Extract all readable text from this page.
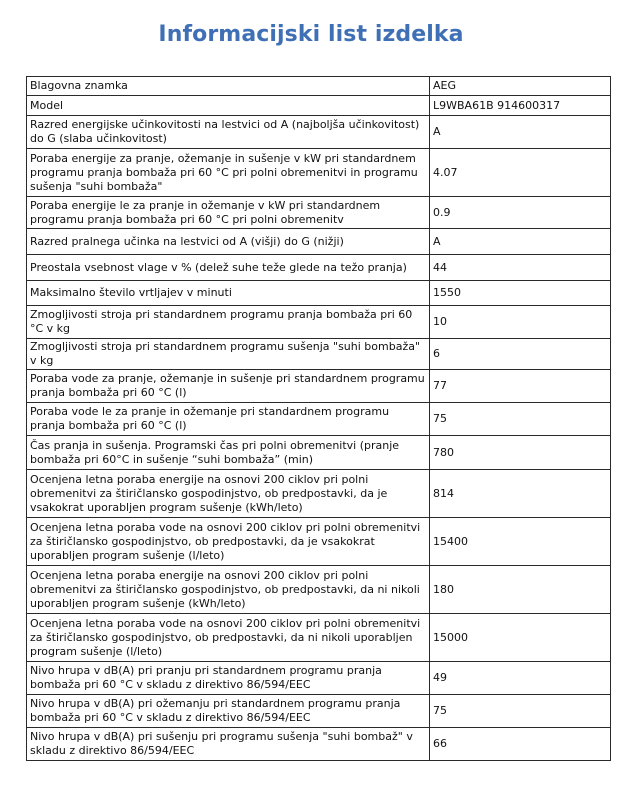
Informacijski list izdelka
Blagovna znamka	AEG
Model	L9WBA61B 914600317
Razred energijske učinkovitosti na lestvici od A (najboljša učinkovitost) do G (slaba učinkovitost)	A
Poraba energije za pranje, ožemanje in sušenje v kW pri standardnem programu pranja bombaža pri 60 °C pri polni obremenitvi in programu sušenja "suhi bombaža"	4.07
Poraba energije le za pranje in ožemanje v kW pri standardnem programu pranja bombaža pri 60 °C pri polni obremenitv	0.9
Razred pralnega učinka na lestvici od A (višji) do G (nižji)	A
Preostala vsebnost vlage v % (delež suhe teže glede na težo pranja)	44
Maksimalno število vrtljajev v minuti	1550
Zmogljivosti stroja pri standardnem programu pranja bombaža pri 60 °C v kg	10
Zmogljivosti stroja pri standardnem programu sušenja "suhi bombaža" v kg	6
Poraba vode za pranje, ožemanje in sušenje pri standardnem programu pranja bombaža pri 60 °C (l)	77
Poraba vode le za pranje in ožemanje pri standardnem programu pranja bombaža pri 60 °C (l)	75
Čas pranja in sušenja. Programski čas pri polni obremenitvi (pranje bombaža pri 60°C in sušenje “suhi bombaža” (min)	780
Ocenjena letna poraba energije na osnovi 200 ciklov pri polni obremenitvi za štiričlansko gospodinjstvo, ob predpostavki, da je vsakokrat uporabljen program sušenje (kWh/leto)	814
Ocenjena letna poraba vode na osnovi 200 ciklov pri polni obremenitvi za štiričlansko gospodinjstvo, ob predpostavki, da je vsakokrat uporabljen program sušenje (l/leto)	15400
Ocenjena letna poraba energije na osnovi 200 ciklov pri polni obremenitvi za štiričlansko gospodinjstvo, ob predpostavki, da ni nikoli uporabljen program sušenje (kWh/leto)	180
Ocenjena letna poraba vode na osnovi 200 ciklov pri polni obremenitvi za štiričlansko gospodinjstvo, ob predpostavki, da ni nikoli uporabljen program sušenje (l/leto)	15000
Nivo hrupa v dB(A) pri pranju pri standardnem programu pranja bombaža pri 60 °C v skladu z direktivo 86/594/EEC	49
Nivo hrupa v dB(A) pri ožemanju pri standardnem programu pranja bombaža pri 60 °C v skladu z direktivo 86/594/EEC	75
Nivo hrupa v dB(A) pri sušenju pri programu sušenja "suhi bombaž" v skladu z direktivo 86/594/EEC	66
